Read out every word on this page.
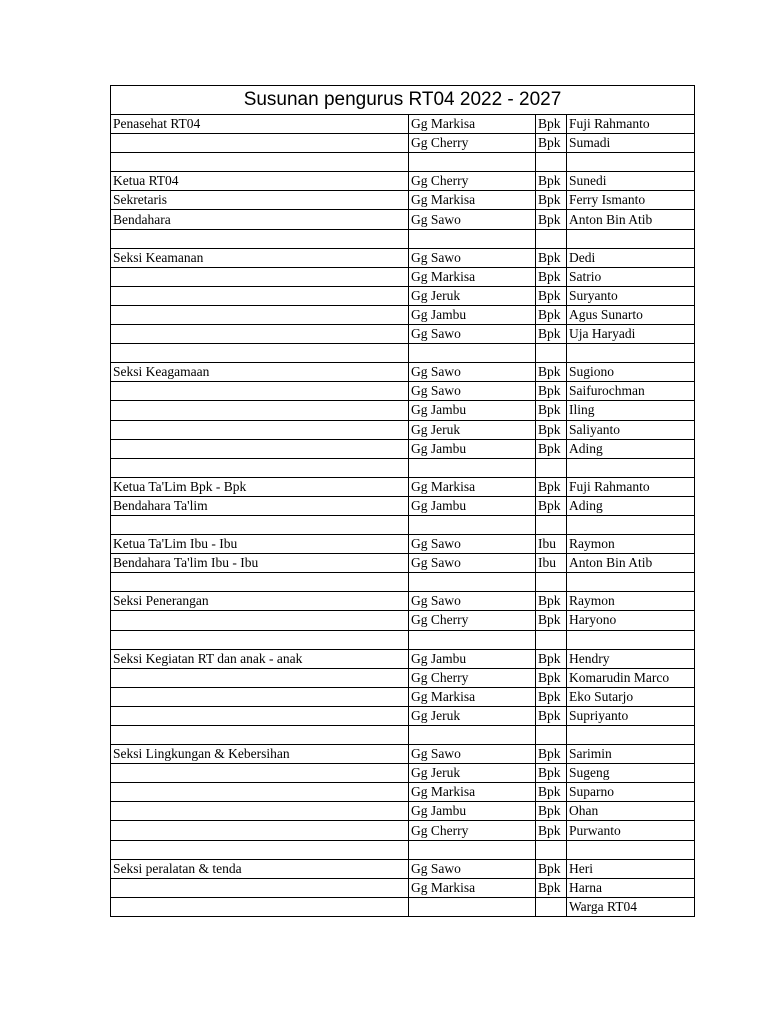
Susunan pengurus RT04 2022 - 2027			
Penasehat RT04	Gg Markisa	Bpk	Fuji Rahmanto
	Gg Cherry	Bpk	Sumadi

Ketua RT04	Gg Cherry	Bpk	Sunedi
Sekretaris	Gg Markisa	Bpk	Ferry Ismanto
Bendahara	Gg Sawo	Bpk	Anton Bin Atib

Seksi Keamanan	Gg Sawo	Bpk	Dedi
	Gg Markisa	Bpk	Satrio
	Gg Jeruk	Bpk	Suryanto
	Gg Jambu	Bpk	Agus Sunarto
	Gg Sawo	Bpk	Uja Haryadi

Seksi Keagamaan	Gg Sawo	Bpk	Sugiono
	Gg Sawo	Bpk	Saifurochman
	Gg Jambu	Bpk	Iling
	Gg Jeruk	Bpk	Saliyanto
	Gg Jambu	Bpk	Ading

Ketua Ta'Lim Bpk - Bpk	Gg Markisa	Bpk	Fuji Rahmanto
Bendahara Ta'lim	Gg Jambu	Bpk	Ading

Ketua Ta'Lim Ibu - Ibu	Gg Sawo	Ibu	Raymon
Bendahara Ta'lim Ibu - Ibu	Gg Sawo	Ibu	Anton Bin Atib

Seksi Penerangan	Gg Sawo	Bpk	Raymon
	Gg Cherry	Bpk	Haryono

Seksi Kegiatan RT dan anak - anak	Gg Jambu	Bpk	Hendry
	Gg Cherry	Bpk	Komarudin Marco
	Gg Markisa	Bpk	Eko Sutarjo
	Gg Jeruk	Bpk	Supriyanto

Seksi Lingkungan & Kebersihan	Gg Sawo	Bpk	Sarimin
	Gg Jeruk	Bpk	Sugeng
	Gg Markisa	Bpk	Suparno
	Gg Jambu	Bpk	Ohan
	Gg Cherry	Bpk	Purwanto

Seksi peralatan & tenda	Gg Sawo	Bpk	Heri
	Gg Markisa	Bpk	Harna
			Warga RT04
